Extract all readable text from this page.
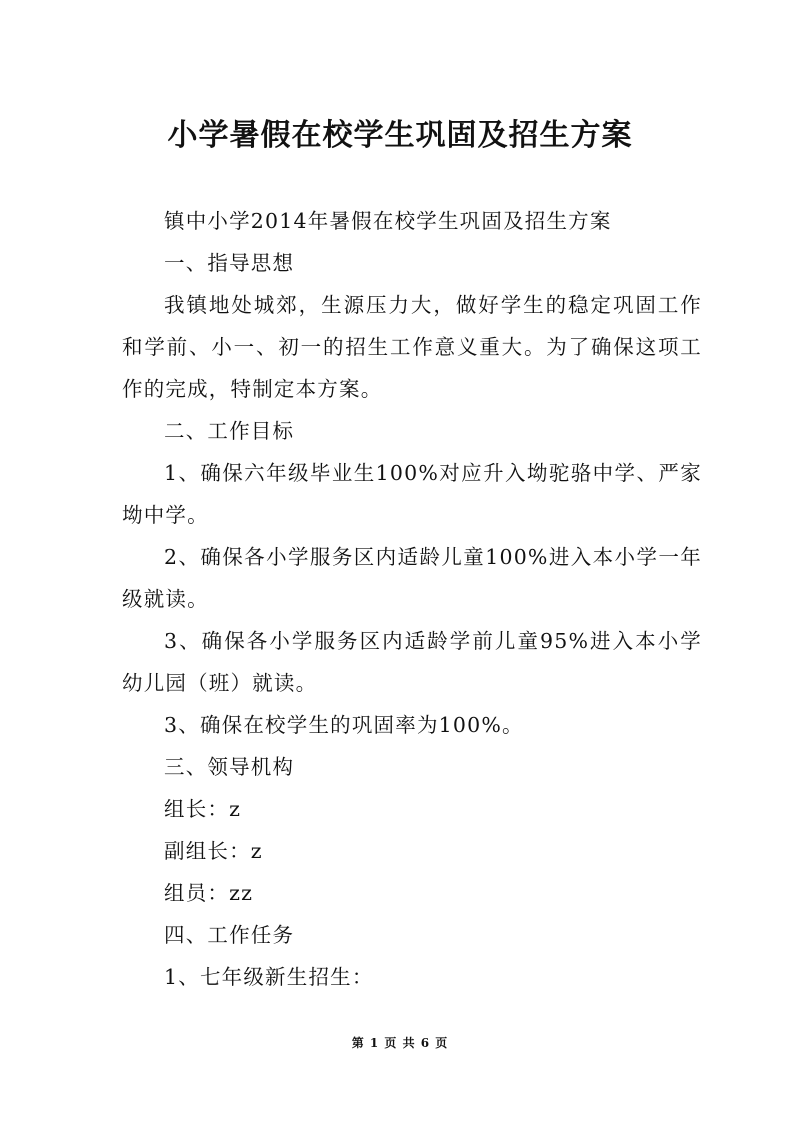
小学暑假在校学生巩固及招生方案

镇中小学2014年暑假在校学生巩固及招生方案

一、指导思想

我镇地处城郊，生源压力大，做好学生的稳定巩固工作和学前、小一、初一的招生工作意义重大。为了确保这项工作的完成，特制定本方案。

二、工作目标

1、确保六年级毕业生100%对应升入坳驼骆中学、严家坳中学。

2、确保各小学服务区内适龄儿童100%进入本小学一年级就读。

3、确保各小学服务区内适龄学前儿童95%进入本小学幼儿园（班）就读。

3、确保在校学生的巩固率为100%。

三、领导机构

组长：z

副组长：z

组员：zz

四、工作任务

1、七年级新生招生：

第 1 页 共 6 页
